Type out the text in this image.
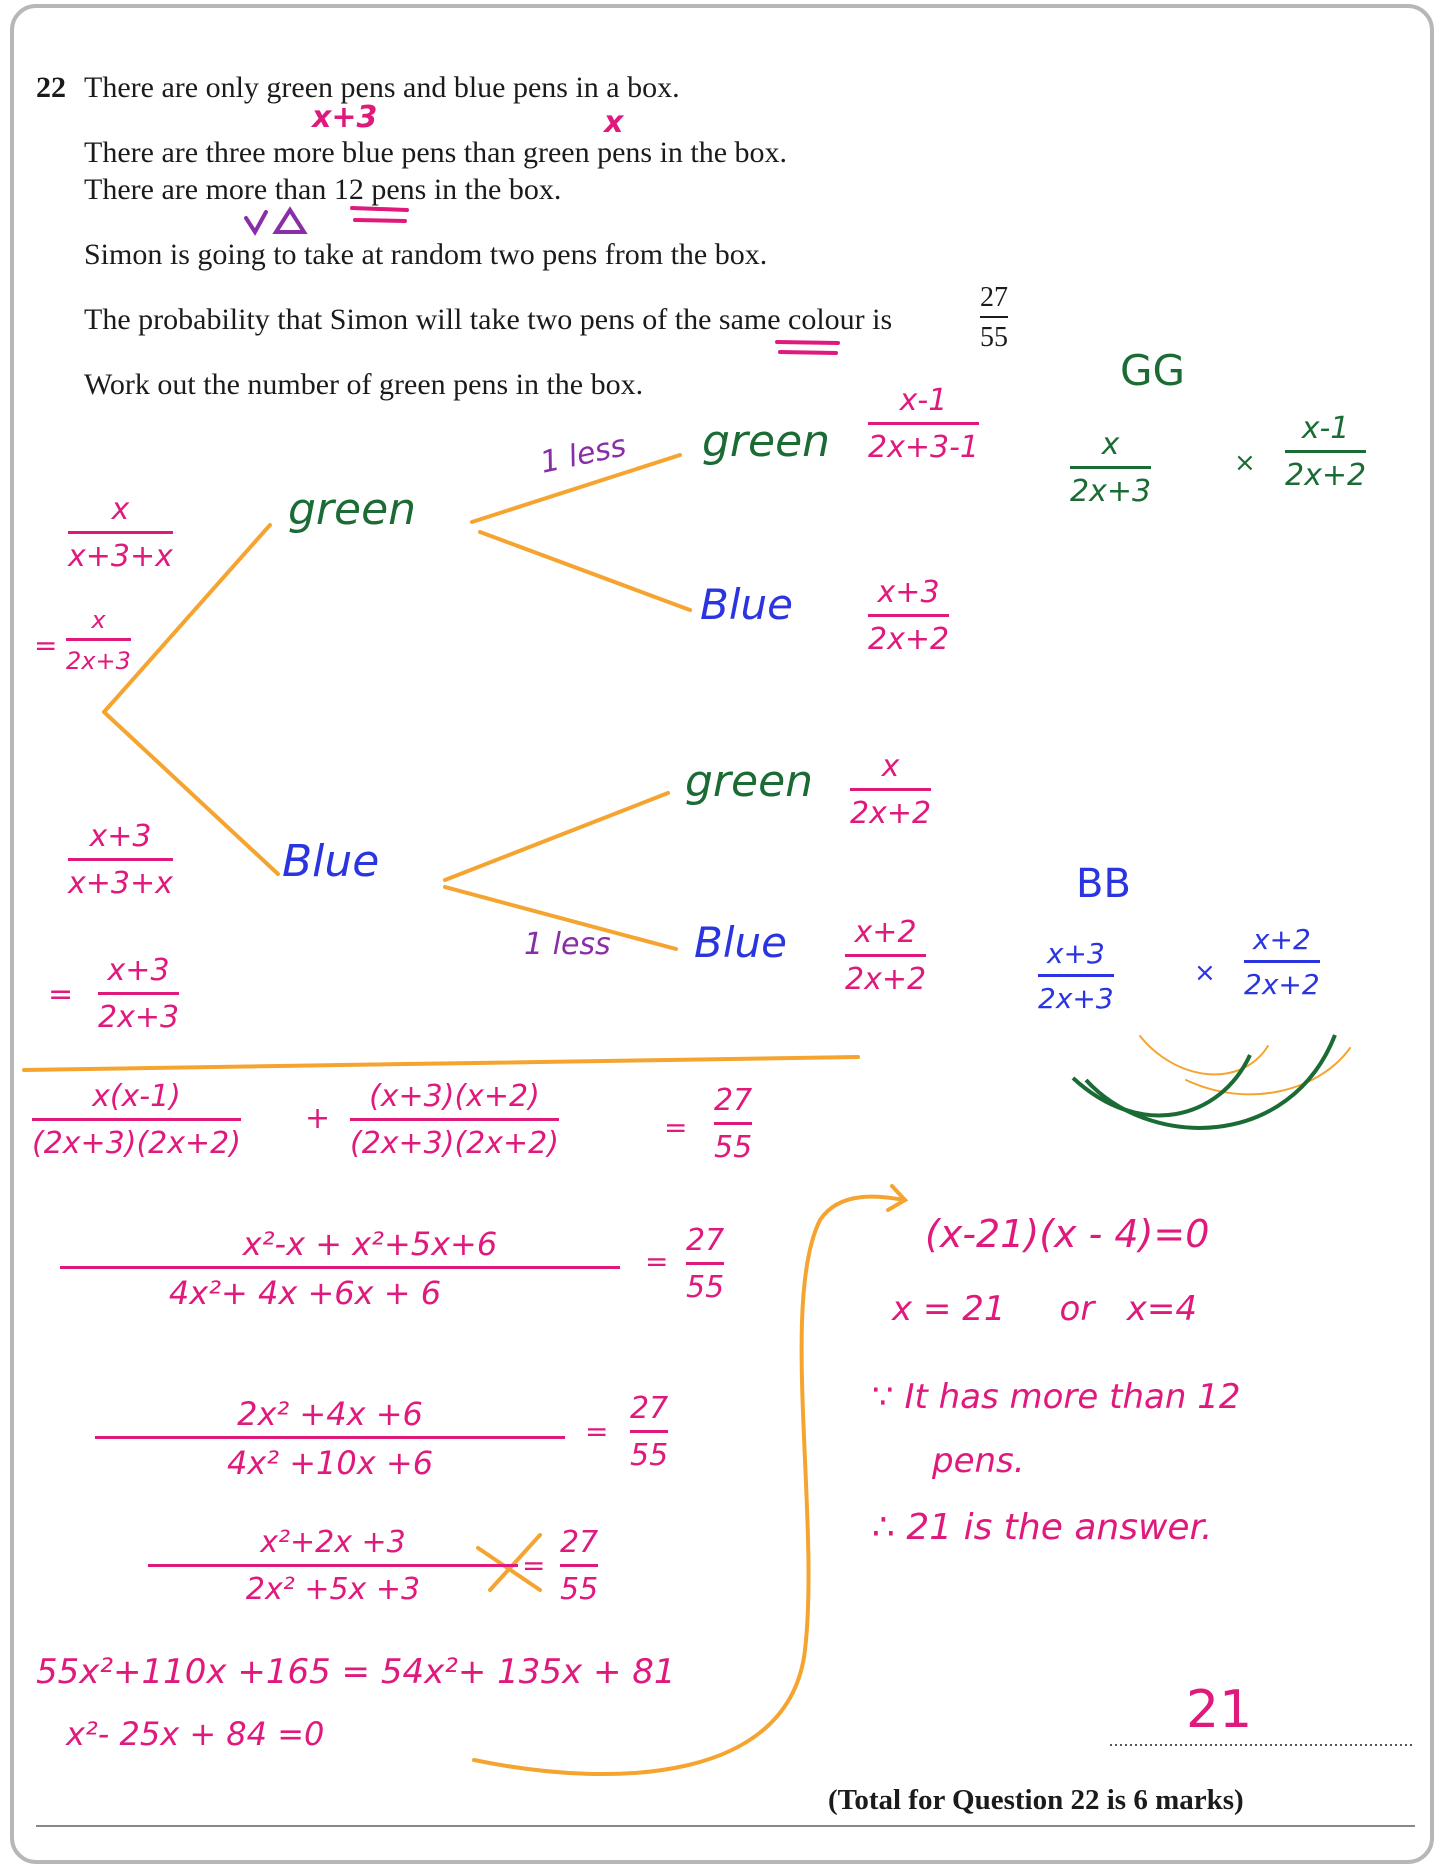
22 There are only green pens and blue pens in a box.
There are three more blue pens than green pens in the box.
There are more than 12 pens in the box.
Simon is going to take at random two pens from the box.
The probability that Simon will take two pens of the same colour is
27
55
Work out the number of green pens in the box.
(Total for Question 22 is 6 marks)
x+3	x
green
Blue
green
Blue
green
Blue
1 less
1 less
x
x+3+x
=
x
2x+3
x+3
x+3+x
=
x+3
2x+3
x-1
2x+3-1
x+3
2x+2
x
2x+2
x+2
2x+2
GG
x
2x+3
×
x-1
2x+2
BB
x+3
2x+3
×
x+2
2x+2
x(x-1)
(2x+3)(2x+2)
+
(x+3)(x+2)
(2x+3)(2x+2)	=
27
55
x²-x + x²+5x+6
4x²+ 4x +6x + 6
=
27
55
2x² +4x +6
4x² +10x +6
=
27
55
x²+2x +3
2x² +5x +3
=
27
55
55x²+110x +165 = 54x²+ 135x + 81
x²- 25x + 84 =0
(x-21)(x - 4)=0
x = 21     or   x=4
∵ It has more than 12
pens.
∴ 21 is the answer.
21
